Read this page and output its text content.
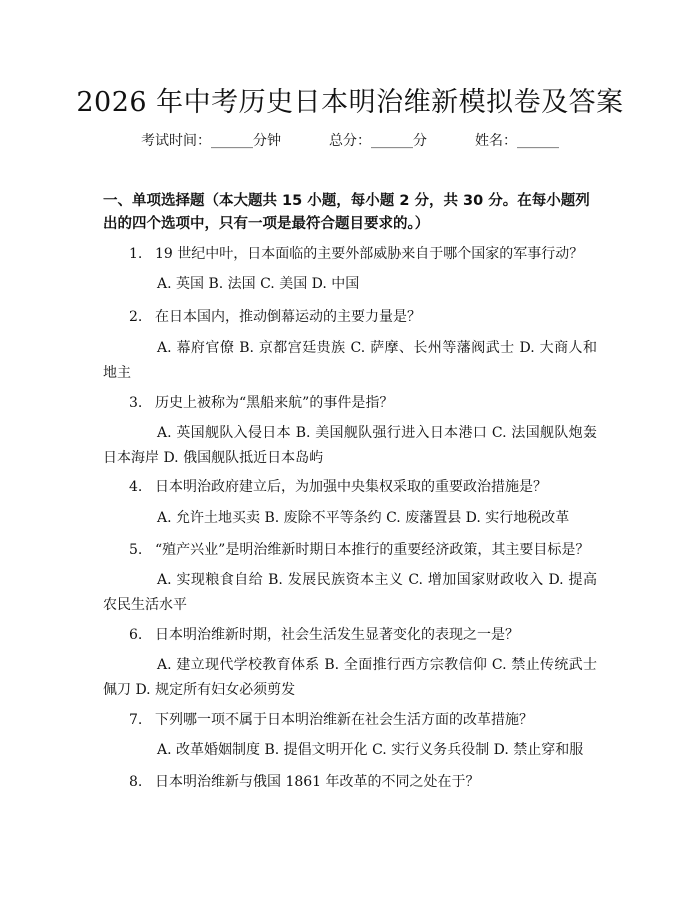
2026 年中考历史日本明治维新模拟卷及答案
考试时间：______分钟	总分：______分	姓名：______
一、单项选择题（本大题共 15 小题，每小题 2 分，共 30 分。在每小题列出的四个选项中，只有一项是最符合题目要求的。）
1. 19 世纪中叶，日本面临的主要外部威胁来自于哪个国家的军事行动？
A. 英国 B. 法国 C. 美国 D. 中国
2. 在日本国内，推动倒幕运动的主要力量是？
A. 幕府官僚 B. 京都宫廷贵族 C. 萨摩、长州等藩阀武士 D. 大商人和地主
3. 历史上被称为“黑船来航”的事件是指？
A. 英国舰队入侵日本 B. 美国舰队强行进入日本港口 C. 法国舰队炮轰日本海岸 D. 俄国舰队抵近日本岛屿
4. 日本明治政府建立后，为加强中央集权采取的重要政治措施是？
A. 允许土地买卖 B. 废除不平等条约 C. 废藩置县 D. 实行地税改革
5. “殖产兴业”是明治维新时期日本推行的重要经济政策，其主要目标是？
A. 实现粮食自给 B. 发展民族资本主义 C. 增加国家财政收入 D. 提高农民生活水平
6. 日本明治维新时期，社会生活发生显著变化的表现之一是？
A. 建立现代学校教育体系 B. 全面推行西方宗教信仰 C. 禁止传统武士佩刀 D. 规定所有妇女必须剪发
7. 下列哪一项不属于日本明治维新在社会生活方面的改革措施？
A. 改革婚姻制度 B. 提倡文明开化 C. 实行义务兵役制 D. 禁止穿和服
8. 日本明治维新与俄国 1861 年改革的不同之处在于？
